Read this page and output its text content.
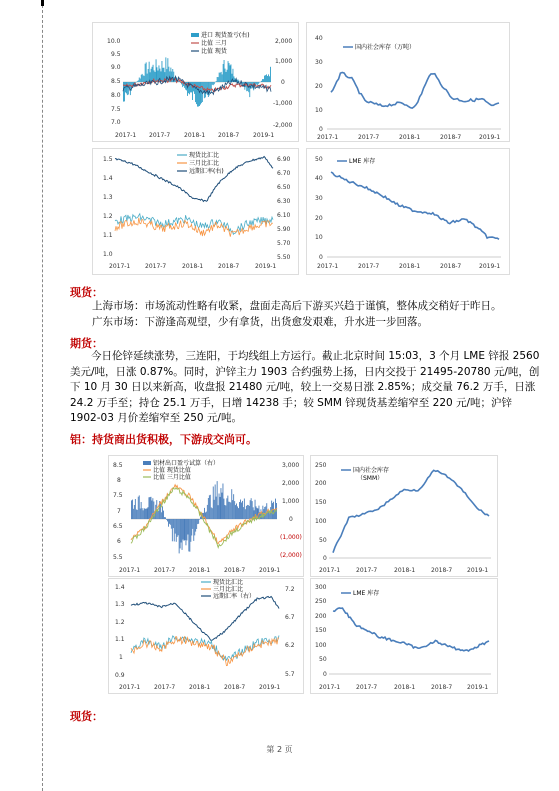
10.0
9.5
9.0
8.5
8.0
7.5
7.0
2,000
1,000
0
-1,000
-2,000
2017-1 2017-7 2018-1 2018-7 2019-1
进口 现货盈亏(右)
比值 三月
比值 现货
40
30
20
10
0
2017-1	2017-7	2018-1	2018-7	2019-1
国内社会库存（万吨）
1.5
1.4
1.3
1.2
1.1
1.0
6.90
6.70
6.50
6.30
6.10
5.90
5.70
5.50
2017-1 2017-7	2018-1 2018-7	2019-1
现货比汇比
三月比汇比
远期汇率(右)
50
40
30
20
10
0
2017-1	2017-7	2018-1	2018-7	2019-1
LME 库存
现货：
上海市场：市场流动性略有收紧，盘面走高后下游买兴趋于谨慎，整体成交稍好于昨日。
广东市场：下游逢高观望，少有拿货，出货愈发艰难，升水进一步回落。
期货：
今日伦锌延续涨势，三连阳，于均线组上方运行。截止北京时间 15:03，3 个月 LME 锌报 2560 美元/吨，日涨 0.87%。同时，沪锌主力 1903 合约强势上扬，日内交投于 21495-20780 元/吨，创下 10 月 30 日以来新高，收盘报 21480 元/吨，较上一交易日涨 2.85%；成交量 76.2 万手，日涨 24.2 万手至；持仓 25.1 万手，日增 14238 手；较 SMM 锌现货基差缩窄至 220 元/吨；沪锌 1902-03 月价差缩窄至 250 元/吨。
铝：持货商出货积极，下游成交尚可。
8.5
8
7.5
7
6.5
6
5.5
3,000
2,000
1,000
0
(1,000)
(2,000)
2017-1 2017-7 2018-1 2018-7 2019-1
铝材出口盈亏试算（右）
比值 现货比值
比值 三月比值
250
200
150
100
50
0
2017-1	2017-7	2018-1	2018-7 2019-1
国内社会库存
（SMM）
1.4
1.3
1.2
1.1
1
0.9
7.2
6.7
6.2
5.7
2017-1 2017-7 2018-1 2018-7 2019-1
现货比汇比
三月比汇比
远期汇率（右）
300
250
200
150
100
50
0
2017-1	2017-7	2018-1	2018-7 2019-1
LME 库存
现货：
第 2 页
